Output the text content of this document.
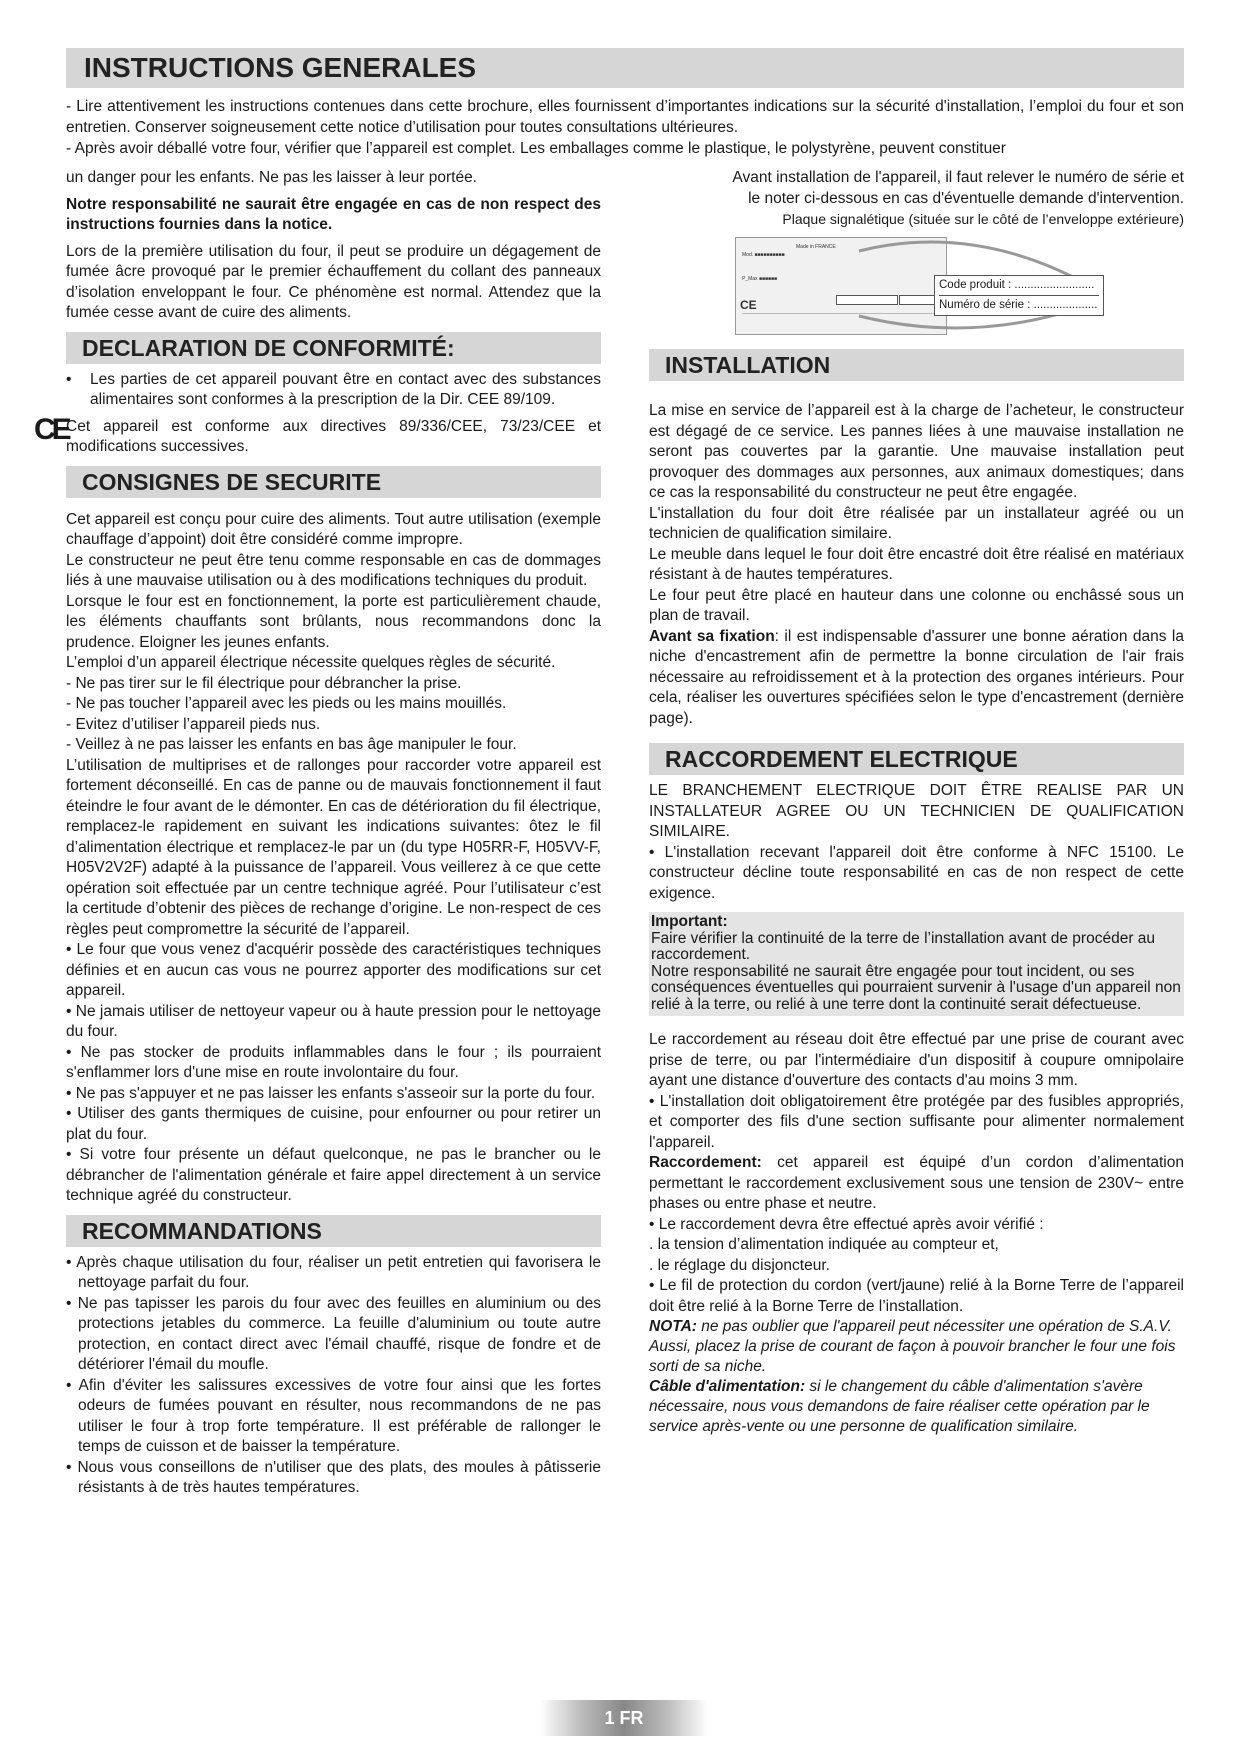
INSTRUCTIONS GENERALES

- Lire attentivement les instructions contenues dans cette brochure, elles fournissent d’importantes indications sur la sécurité d'installation, l’emploi du four et son entretien. Conserver soigneusement cette notice d’utilisation pour toutes consultations ultérieures.

- Après avoir déballé votre four, vérifier que l’appareil est complet. Les emballages comme le plastique, le polystyrène, peuvent constituer

un danger pour les enfants. Ne pas les laisser à leur portée.

Notre responsabilité ne saurait être engagée en cas de non respect des instructions fournies dans la notice.

Lors de la première utilisation du four, il peut se produire un dégagement de fumée âcre provoqué par le premier échauffement du collant des panneaux d’isolation enveloppant le four. Ce phénomène est normal. Attendez que la fumée cesse avant de cuire des aliments.

DECLARATION DE CONFORMITÉ:
•	Les parties de cet appareil pouvant être en contact avec des substances alimentaires sont conformes à la prescription de la Dir. CEE 89/109.

CE

Cet appareil est conforme aux directives 89/336/CEE, 73/23/CEE et modifications successives.

CONSIGNES DE SECURITE

Cet appareil est conçu pour cuire des aliments. Tout autre utilisation (exemple chauffage d’appoint) doit être considéré comme impropre.

Le constructeur ne peut être tenu comme responsable en cas de dommages liés à une mauvaise utilisation ou à des modifications techniques du produit.

Lorsque le four est en fonctionnement, la porte est particulièrement chaude, les éléments chauffants sont brûlants, nous recommandons donc la prudence. Eloigner les jeunes enfants.

L’emploi d’un appareil électrique nécessite quelques règles de sécurité.

- Ne pas tirer sur le fil électrique pour débrancher la prise.

- Ne pas toucher l’appareil avec les pieds ou les mains mouillés.

- Evitez d’utiliser l’appareil pieds nus.

- Veillez à ne pas laisser les enfants en bas âge manipuler le four.

L’utilisation de multiprises et de rallonges pour raccorder votre appareil est fortement déconseillé. En cas de panne ou de mauvais fonctionnement il faut éteindre le four avant de le démonter. En cas de détérioration du fil électrique, remplacez-le rapidement en suivant les indications suivantes: ôtez le fil d’alimentation électrique et remplacez-le par un (du type H05RR-F, H05VV-F, H05V2V2F) adapté à la puissance de l’appareil. Vous veillerez à ce que cette opération soit effectuée par un centre technique agréé. Pour l’utilisateur c’est la certitude d’obtenir des pièces de rechange d’origine. Le non-respect de ces règles peut compromettre la sécurité de l’appareil.

• Le four que vous venez d'acquérir possède des caractéristiques techniques définies et en aucun cas vous ne pourrez apporter des modifications sur cet appareil.

• Ne jamais utiliser de nettoyeur vapeur ou à haute pression pour le nettoyage du four.

• Ne pas stocker de produits inflammables dans le four ; ils pourraient s'enflammer lors d'une mise en route involontaire du four.

• Ne pas s'appuyer et ne pas laisser les enfants s'asseoir sur la porte du four.

• Utiliser des gants thermiques de cuisine, pour enfourner ou pour retirer un plat du four.

• Si votre four présente un défaut quelconque, ne pas le brancher ou le débrancher de l'alimentation générale et faire appel directement à un service technique agréé du constructeur.

RECOMMANDATIONS

• Après chaque utilisation du four, réaliser un petit entretien qui favorisera le nettoyage parfait du four.

• Ne pas tapisser les parois du four avec des feuilles en aluminium ou des protections jetables du commerce. La feuille d'aluminium ou toute autre protection, en contact direct avec l'émail chauffé, risque de fondre et de détériorer l'émail du moufle.

• Afin d'éviter les salissures excessives de votre four ainsi que les fortes odeurs de fumées pouvant en résulter, nous recommandons de ne pas utiliser le four à trop forte température. Il est préférable de rallonger le temps de cuisson et de baisser la température.

• Nous vous conseillons de n'utiliser que des plats, des moules à pâtisserie résistants à de très hautes températures.

Avant installation de l'appareil, il faut relever le numéro de série et

le noter ci-dessous en cas d'éventuelle demande d'intervention.

Plaque signalétique (située sur le côté de l’enveloppe extérieure)
Made in FRANCE
Mod. ■■■■■■■■■■
P_Max ■■■■■■
CE
Code produit : .........................
Numéro de série : ....................
INSTALLATION

La mise en service de l’appareil est à la charge de l’acheteur, le constructeur est dégagé de ce service. Les pannes liées à une mauvaise installation ne seront pas couvertes par la garantie. Une mauvaise installation peut provoquer des dommages aux personnes, aux animaux domestiques; dans ce cas la responsabilité du constructeur ne peut être engagée.

L'installation du four doit être réalisée par un installateur agréé ou un technicien de qualification similaire.

Le meuble dans lequel le four doit être encastré doit être réalisé en matériaux résistant à de hautes températures.

Le four peut être placé en hauteur dans une colonne ou enchâssé sous un plan de travail.

Avant sa fixation: il est indispensable d'assurer une bonne aération dans la niche d'encastrement afin de permettre la bonne circulation de l'air frais nécessaire au refroidissement et à la protection des organes intérieurs. Pour cela, réaliser les ouvertures spécifiées selon le type d'encastrement (dernière page).

RACCORDEMENT ELECTRIQUE

LE BRANCHEMENT ELECTRIQUE DOIT ÊTRE REALISE PAR UN INSTALLATEUR AGREE OU UN TECHNICIEN DE QUALIFICATION SIMILAIRE.

• L'installation recevant l'appareil doit être conforme à NFC 15100. Le constructeur décline toute responsabilité en cas de non respect de cette exigence.

Important:

Faire vérifier la continuité de la terre de l’installation avant de procéder au raccordement.

Notre responsabilité ne saurait être engagée pour tout incident, ou ses conséquences éventuelles qui pourraient survenir à l'usage d'un appareil non relié à la terre, ou relié à une terre dont la continuité serait défectueuse.

Le raccordement au réseau doit être effectué par une prise de courant avec prise de terre, ou par l'intermédiaire d'un dispositif à coupure omnipolaire ayant une distance d'ouverture des contacts d'au moins 3 mm.

• L'installation doit obligatoirement être protégée par des fusibles appropriés, et comporter des fils d'une section suffisante pour alimenter normalement l'appareil.

Raccordement: cet appareil est équipé d’un cordon d’alimentation permettant le raccordement exclusivement sous une tension de 230V~ entre phases ou entre phase et neutre.

• Le raccordement devra être effectué après avoir vérifié :

. la tension d’alimentation indiquée au compteur et,

. le réglage du disjoncteur.

• Le fil de protection du cordon (vert/jaune) relié à la Borne Terre de l’appareil doit être relié à la Borne Terre de l’installation.

NOTA: ne pas oublier que l'appareil peut nécessiter une opération de S.A.V. Aussi, placez la prise de courant de façon à pouvoir brancher le four une fois sorti de sa niche.

Câble d'alimentation: si le changement du câble d'alimentation s'avère nécessaire, nous vous demandons de faire réaliser cette opération par le service après-vente ou une personne de qualification similaire.

1 FR
